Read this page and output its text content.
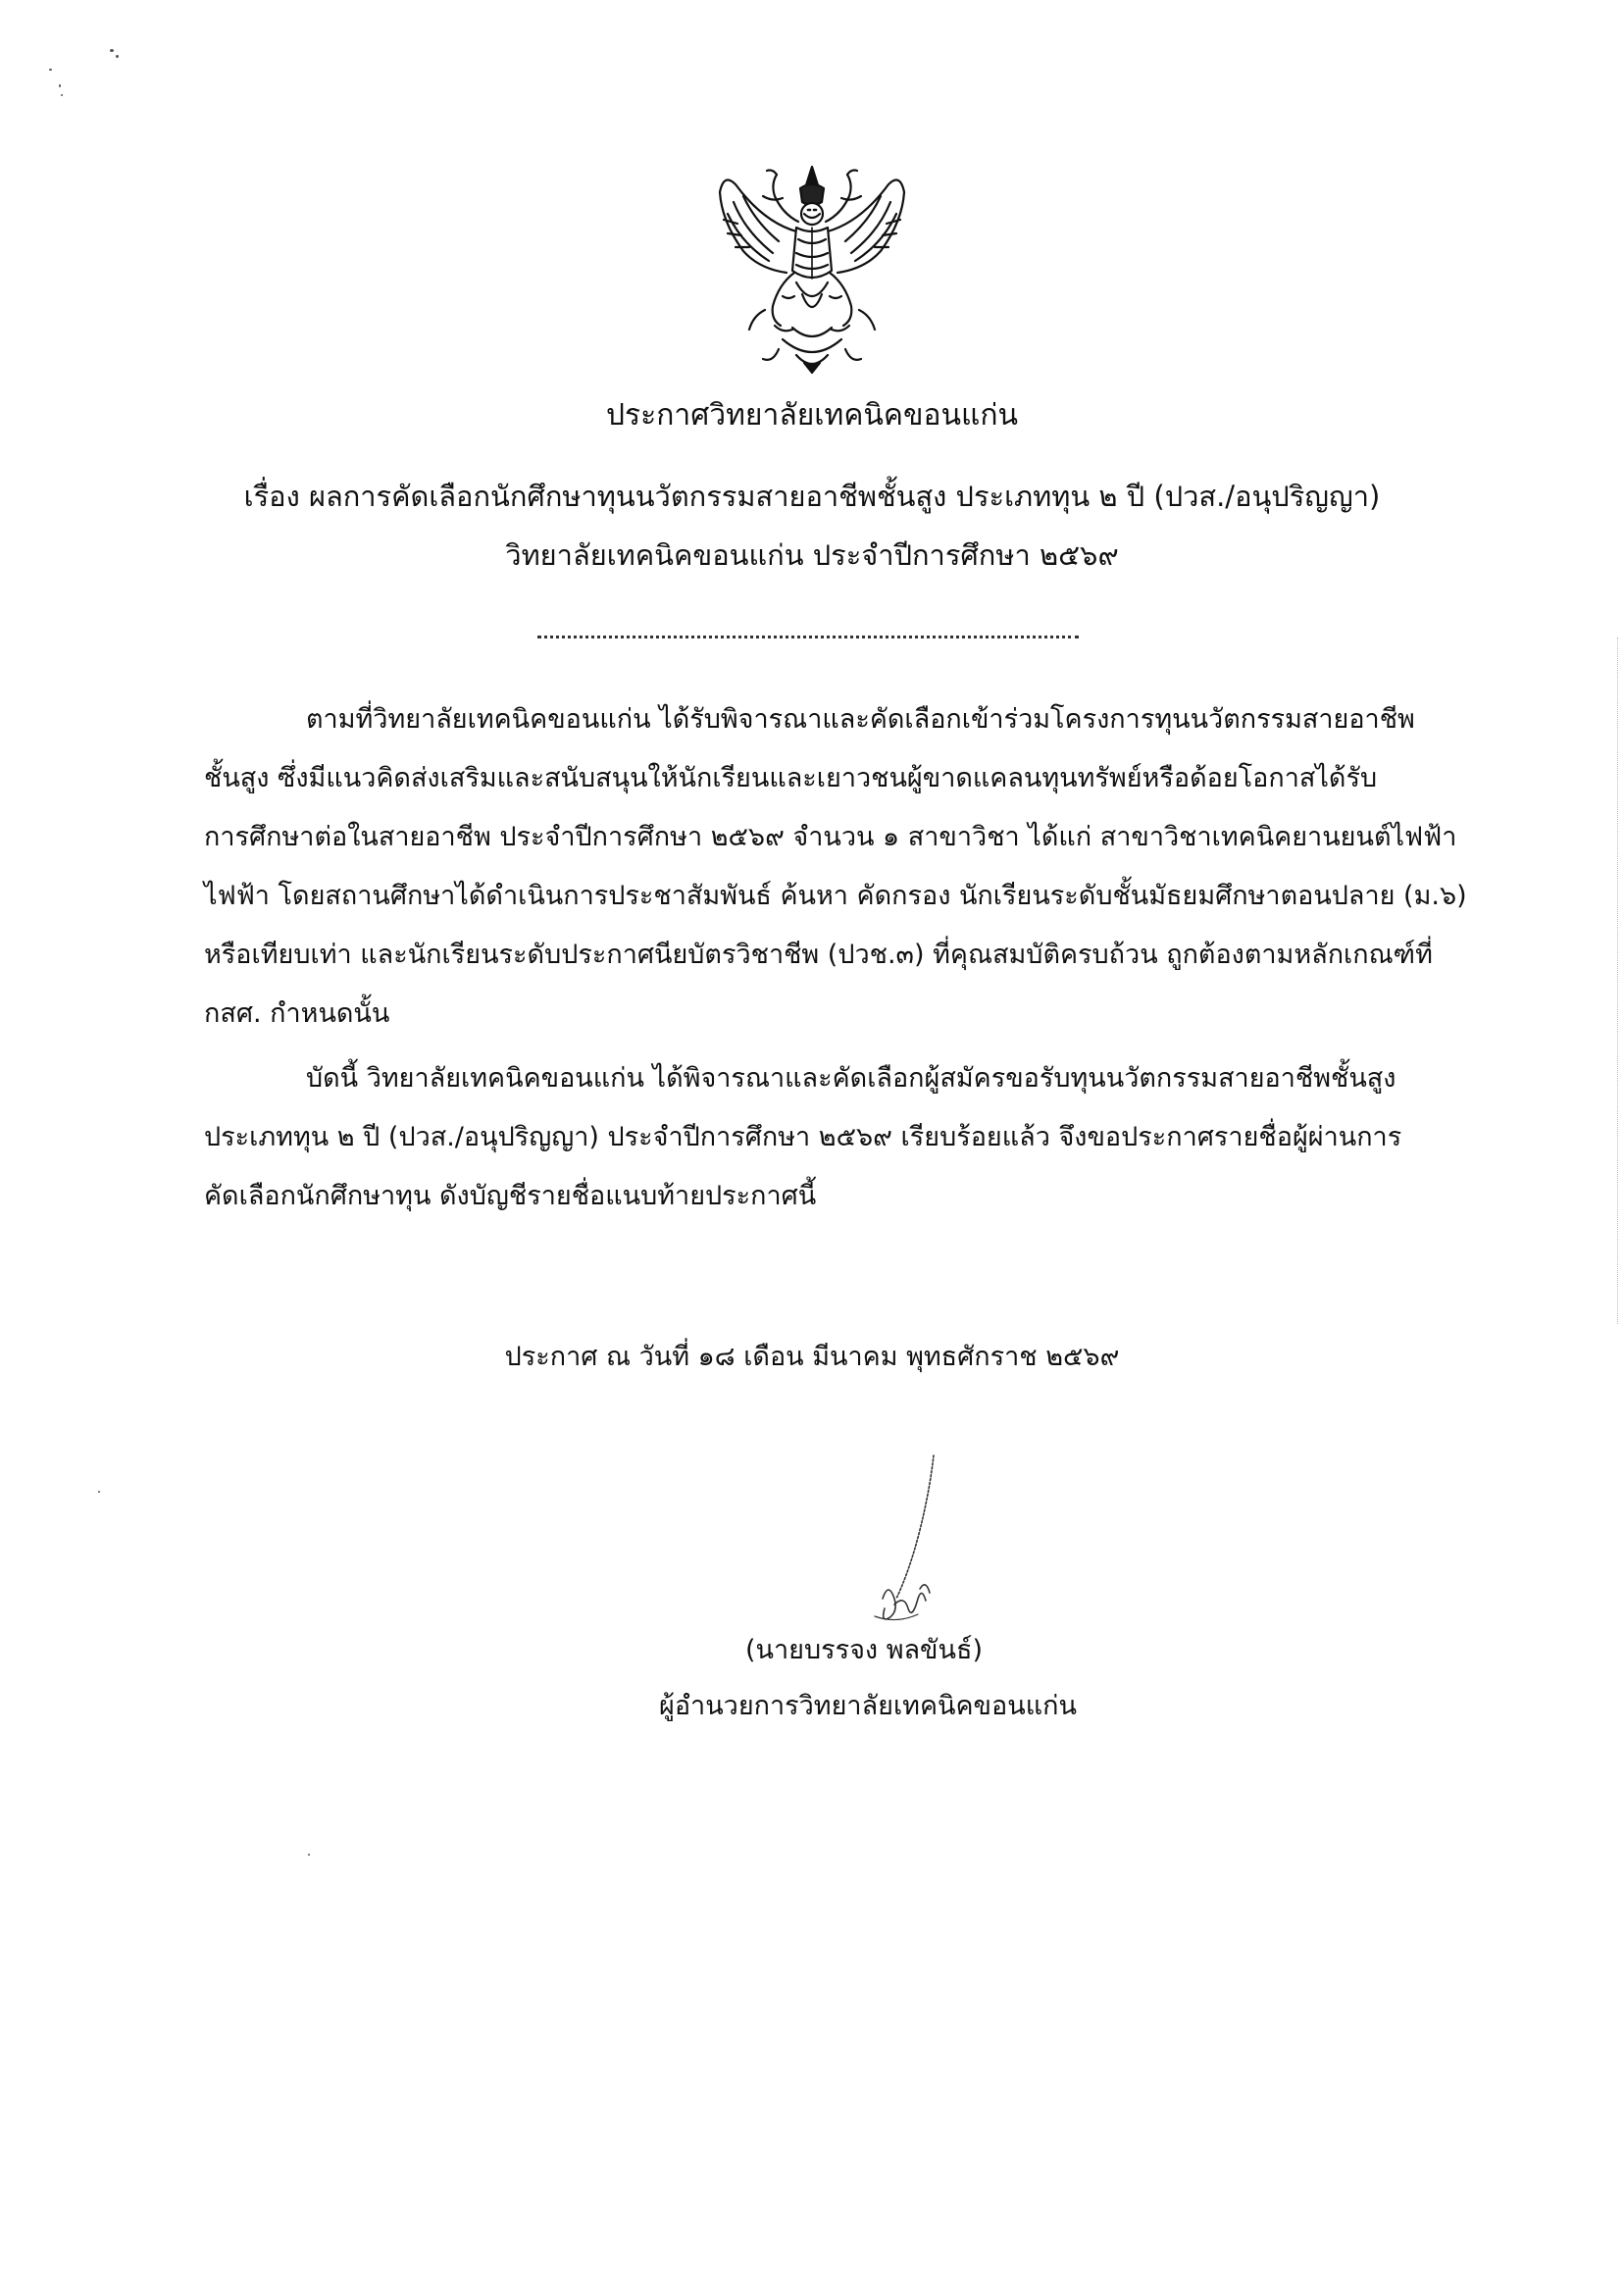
ประกาศวิทยาลัยเทคนิคขอนแก่น
เรื่อง ผลการคัดเลือกนักศึกษาทุนนวัตกรรมสายอาชีพชั้นสูง ประเภททุน ๒ ปี (ปวส./อนุปริญญา)
วิทยาลัยเทคนิคขอนแก่น ประจำปีการศึกษา ๒๕๖๙
ตามที่วิทยาลัยเทคนิคขอนแก่น ได้รับพิจารณาและคัดเลือกเข้าร่วมโครงการทุนนวัตกรรมสายอาชีพ
ชั้นสูง ซึ่งมีแนวคิดส่งเสริมและสนับสนุนให้นักเรียนและเยาวชนผู้ขาดแคลนทุนทรัพย์หรือด้อยโอกาสได้รับ
การศึกษาต่อในสายอาชีพ ประจำปีการศึกษา ๒๕๖๙ จำนวน ๑ สาขาวิชา ได้แก่ สาขาวิชาเทคนิคยานยนต์ไฟฟ้า
ไฟฟ้า โดยสถานศึกษาได้ดำเนินการประชาสัมพันธ์ ค้นหา คัดกรอง นักเรียนระดับชั้นมัธยมศึกษาตอนปลาย (ม.๖)
หรือเทียบเท่า และนักเรียนระดับประกาศนียบัตรวิชาชีพ (ปวช.๓) ที่คุณสมบัติครบถ้วน ถูกต้องตามหลักเกณฑ์ที่
กสศ. กำหนดนั้น
บัดนี้ วิทยาลัยเทคนิคขอนแก่น ได้พิจารณาและคัดเลือกผู้สมัครขอรับทุนนวัตกรรมสายอาชีพชั้นสูง
ประเภททุน ๒ ปี (ปวส./อนุปริญญา) ประจำปีการศึกษา ๒๕๖๙ เรียบร้อยแล้ว จึงขอประกาศรายชื่อผู้ผ่านการ
คัดเลือกนักศึกษาทุน ดังบัญชีรายชื่อแนบท้ายประกาศนี้
ประกาศ ณ วันที่ ๑๘ เดือน มีนาคม พุทธศักราช ๒๕๖๙
(นายบรรจง พลขันธ์)
ผู้อำนวยการวิทยาลัยเทคนิคขอนแก่น
